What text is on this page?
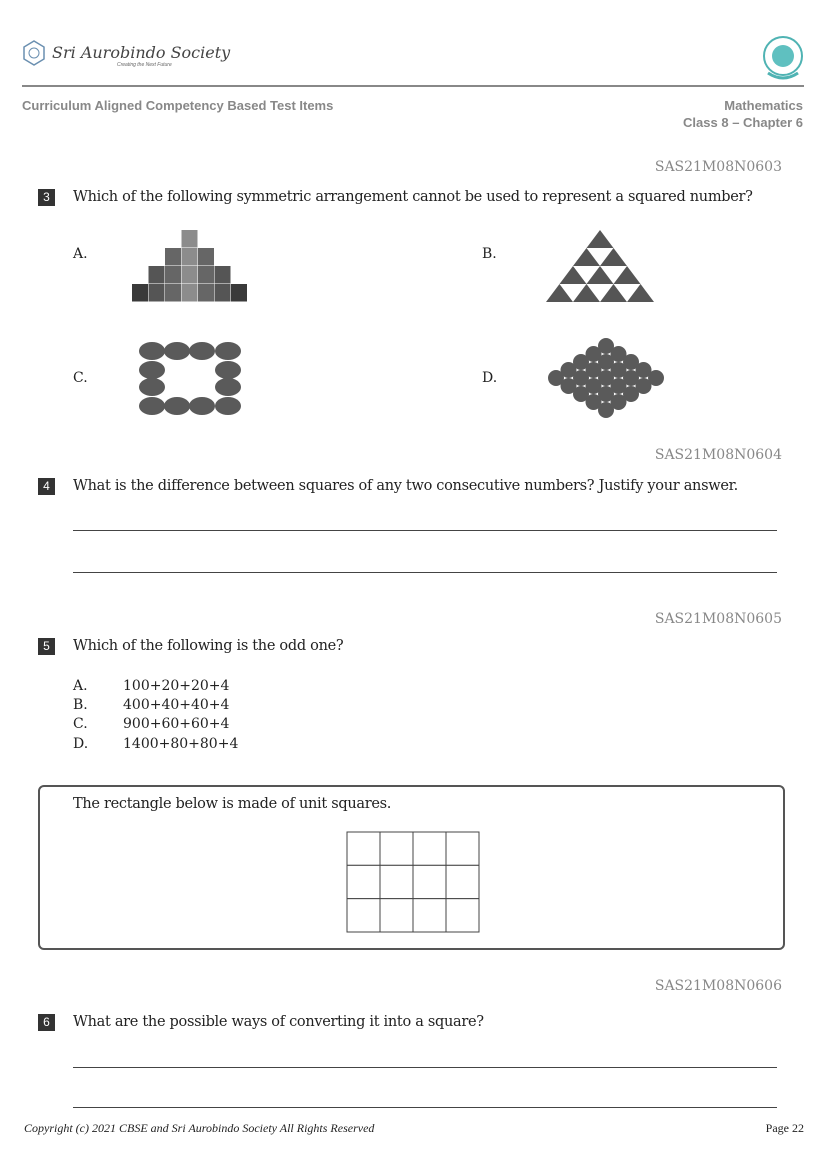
Sri Aurobindo Society
Creating the Next Future
Curriculum Aligned Competency Based Test Items	Mathematics
Class 8 – Chapter 6
SAS21M08N0603
3	Which of the following symmetric arrangement cannot be used to represent a squared number?
A.	B.
C.	D.
SAS21M08N0604
4	What is the difference between squares of any two consecutive numbers? Justify your answer.
SAS21M08N0605
5	Which of the following is the odd one?
A.	100+20+20+4
B.	400+40+40+4
C.	900+60+60+4
D. 1400+80+80+4
The rectangle below is made of unit squares.
SAS21M08N0606
6	What are the possible ways of converting it into a square?
Copyright (c) 2021 CBSE and Sri Aurobindo Society All Rights Reserved	Page 22
